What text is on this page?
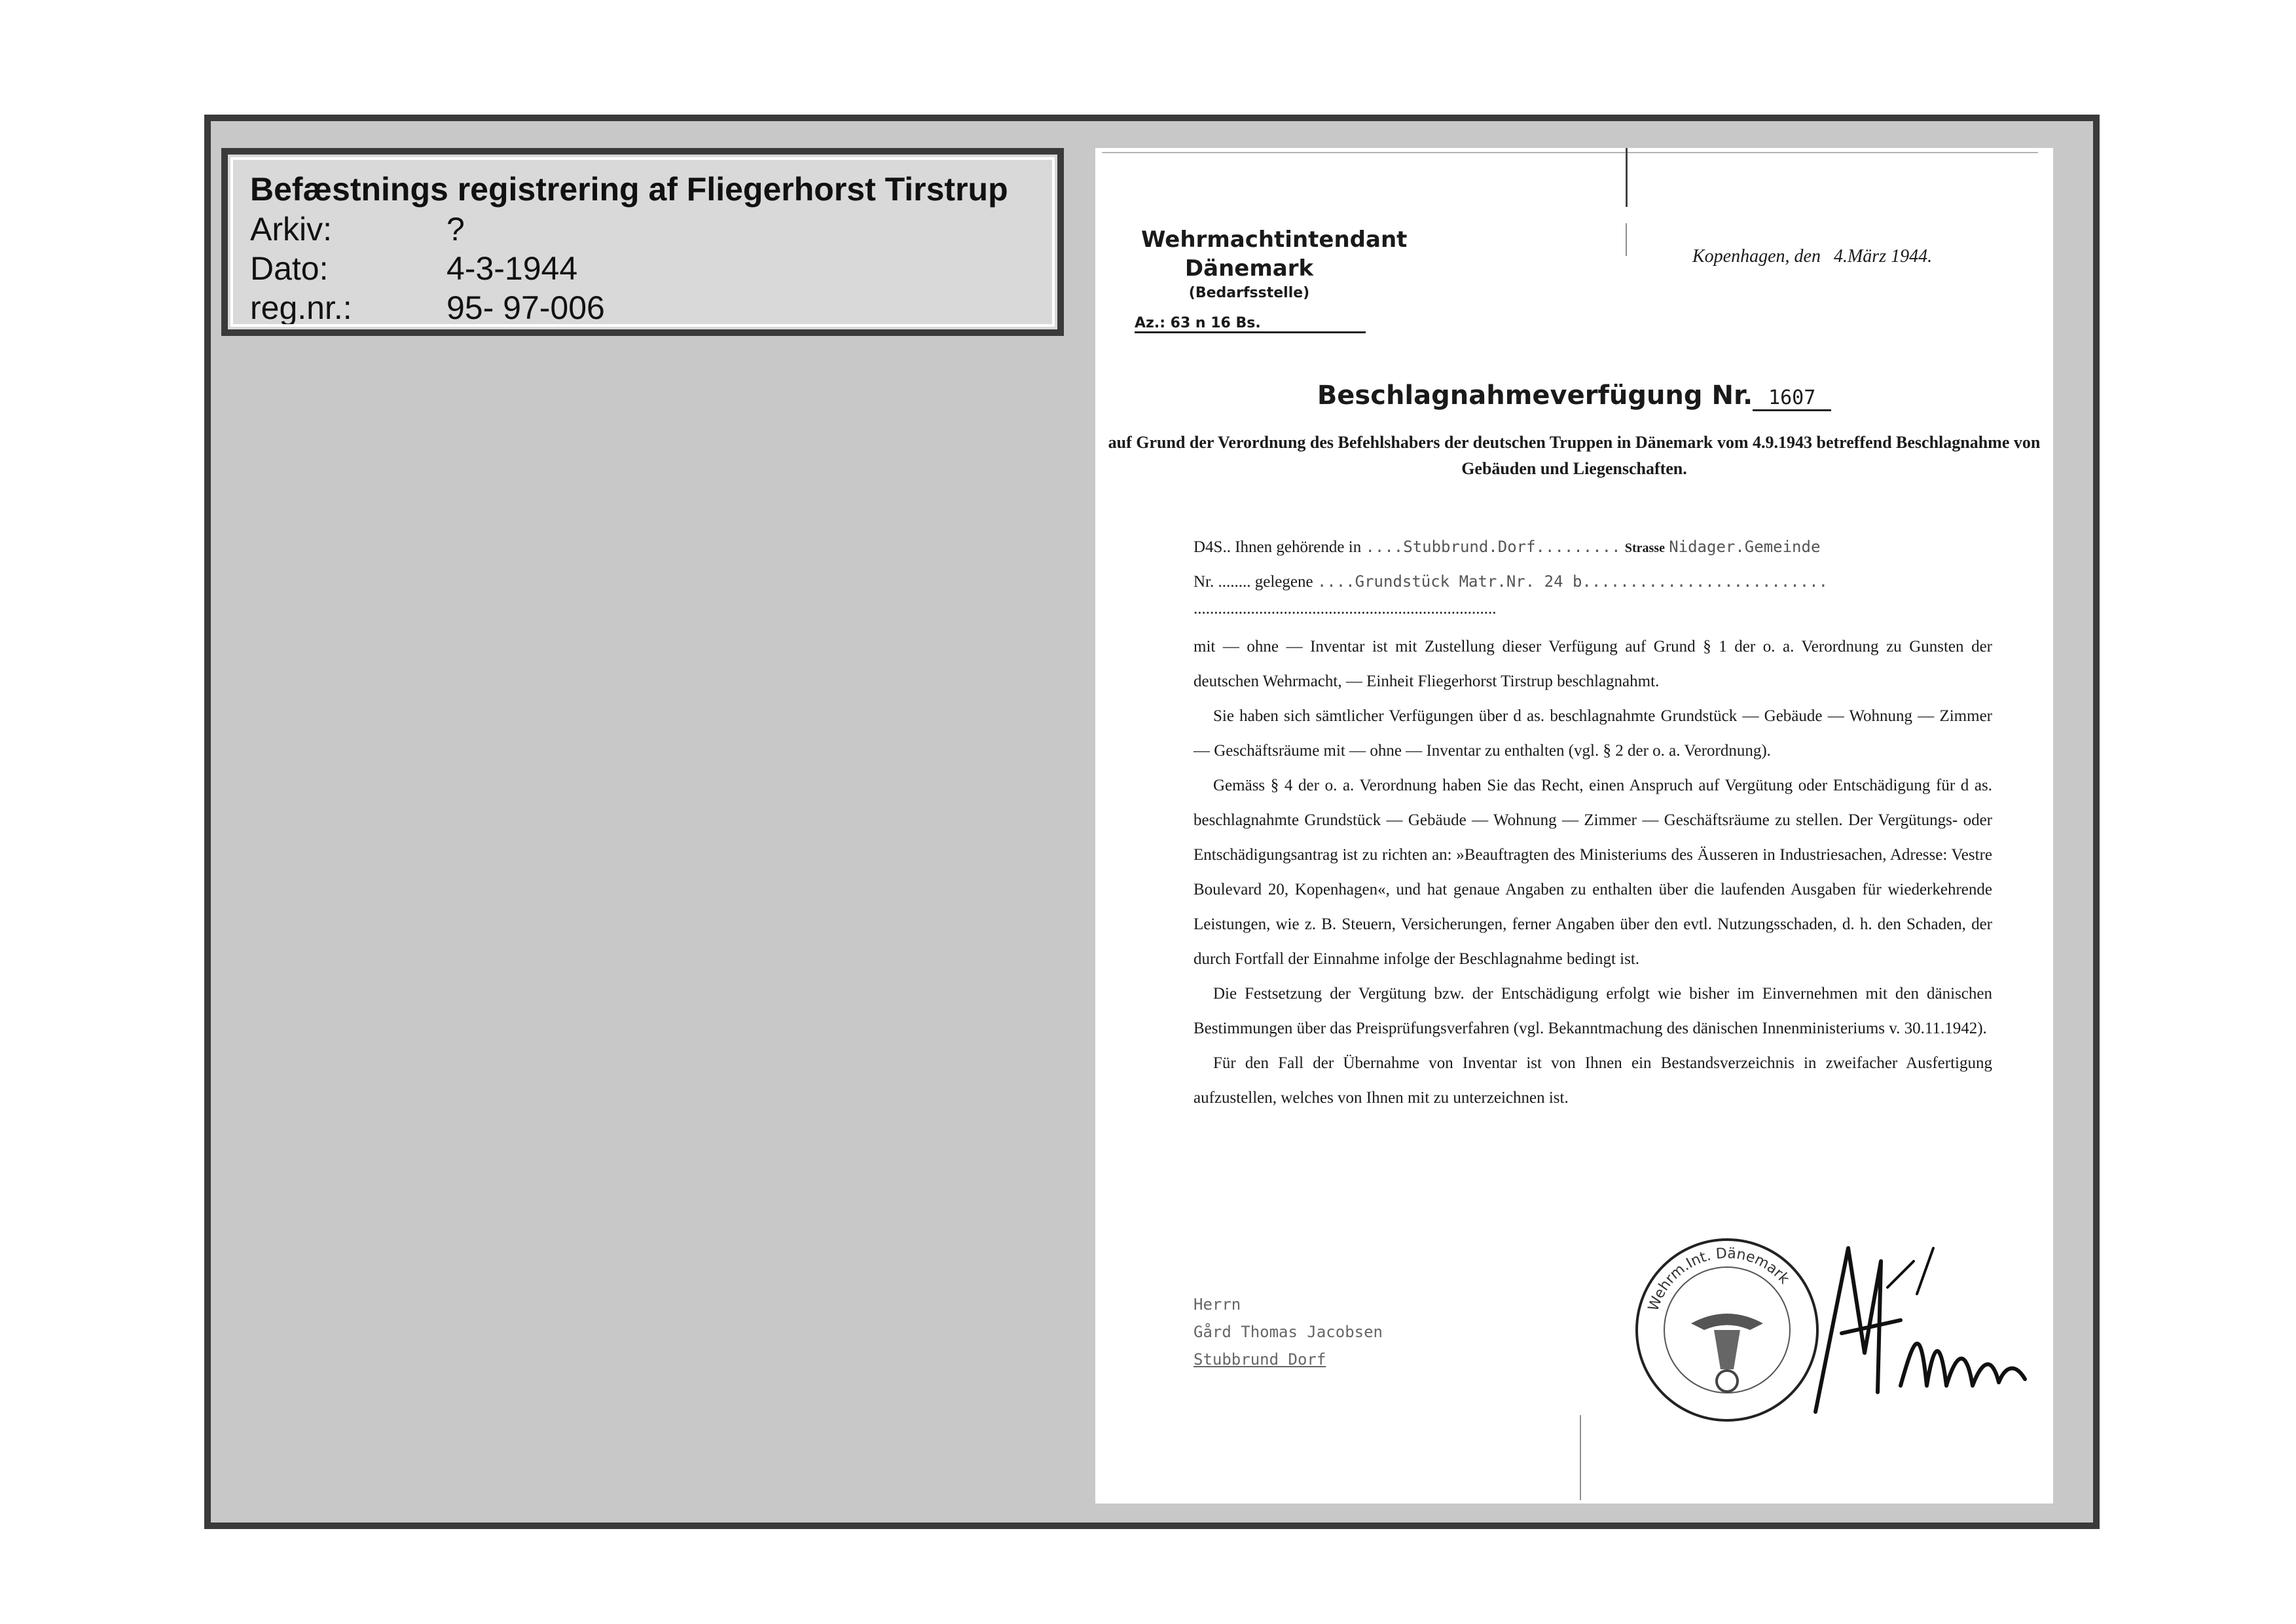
Befæstnings registrering af Fliegerhorst Tirstrup
Arkiv:	?
Dato:	4-3-1944
reg.nr.:	95- 97-006
Wehrmachtintendant
Dänemark
(Bedarfsstelle)
Az.: 63 n 16 Bs.
Kopenhagen, den 4.März 1944.
Beschlagnahmeverfügung Nr. 1607
auf Grund der Verordnung des Befehlshabers der deutschen Truppen in Dänemark vom 4.9.1943 betreffend Beschlagnahme von Gebäuden und Liegenschaften.
D4S.. Ihnen gehörende in ....Stubbrund.Dorf......... Strasse Nidager.Gemeinde
Nr. ........ gelegene ....Grundstück Matr.Nr. 24 b..........................
..........................................................................

mit — ohne — Inventar ist mit Zustellung dieser Verfügung auf Grund § 1 der o. a. Verordnung zu Gunsten der deutschen Wehrmacht, — Einheit Fliegerhorst Tirstrup beschlagnahmt.

Sie haben sich sämtlicher Verfügungen über d as. beschlagnahmte Grundstück — Gebäude — Wohnung — Zimmer — Geschäftsräume mit — ohne — Inventar zu enthalten (vgl. § 2 der o. a. Verordnung).

Gemäss § 4 der o. a. Verordnung haben Sie das Recht, einen Anspruch auf Vergütung oder Entschädigung für d as. beschlagnahmte Grundstück — Gebäude — Wohnung — Zimmer — Geschäftsräume zu stellen. Der Vergütungs- oder Entschädigungsantrag ist zu richten an: »Beauftragten des Ministeriums des Äusseren in Industriesachen, Adresse: Vestre Boulevard 20, Kopenhagen«, und hat genaue Angaben zu enthalten über die laufenden Ausgaben für wiederkehrende Leistungen, wie z. B. Steuern, Versicherungen, ferner Angaben über den evtl. Nutzungsschaden, d. h. den Schaden, der durch Fortfall der Einnahme infolge der Beschlagnahme bedingt ist.

Die Festsetzung der Vergütung bzw. der Entschädigung erfolgt wie bisher im Einvernehmen mit den dänischen Bestimmungen über das Preisprüfungsverfahren (vgl. Bekanntmachung des dänischen Innenministeriums v. 30.11.1942).

Für den Fall der Übernahme von Inventar ist von Ihnen ein Bestandsverzeichnis in zweifacher Ausfertigung aufzustellen, welches von Ihnen mit zu unterzeichnen ist.

Herrn
Gård Thomas Jacobsen
Stubbrund Dorf
Wehrm.Int. Dänemark
